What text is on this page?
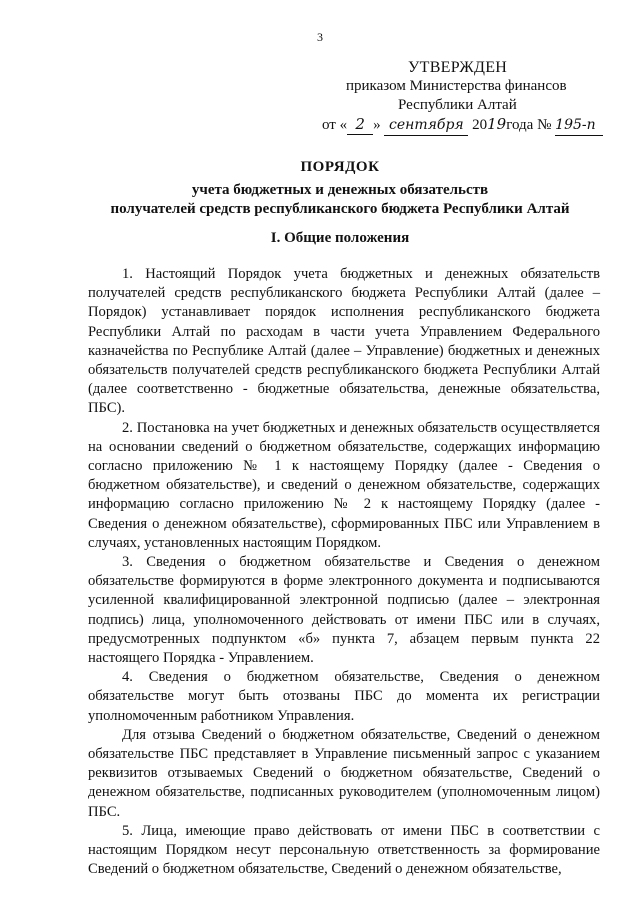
3
УТВЕРЖДЕН
приказом Министерства финансов
Республики Алтай
от « 2 » сентября 2019года № 195-п
ПОРЯДОК
учета бюджетных и денежных обязательств
получателей средств республиканского бюджета Республики Алтай
I. Общие положения

1. Настоящий Порядок учета бюджетных и денежных обязательств получателей средств республиканского бюджета Республики Алтай (далее – Порядок) устанавливает порядок исполнения республиканского бюджета Республики Алтай по расходам в части учета Управлением Федерального казначейства по Республике Алтай (далее – Управление) бюджетных и денежных обязательств получателей средств республиканского бюджета Республики Алтай (далее соответственно - бюджетные обязательства, денежные обязательства, ПБС).

2. Постановка на учет бюджетных и денежных обязательств осуществляется на основании сведений о бюджетном обязательстве, содержащих информацию согласно приложению № 1 к настоящему Порядку (далее - Сведения о бюджетном обязательстве), и сведений о денежном обязательстве, содержащих информацию согласно приложению № 2 к настоящему Порядку (далее - Сведения о денежном обязательстве), сформированных ПБС или Управлением в случаях, установленных настоящим Порядком.

3. Сведения о бюджетном обязательстве и Сведения о денежном обязательстве формируются в форме электронного документа и подписываются усиленной квалифицированной электронной подписью (далее – электронная подпись) лица, уполномоченного действовать от имени ПБС или в случаях, предусмотренных подпунктом «б» пункта 7, абзацем первым пункта 22 настоящего Порядка - Управлением.

4. Сведения о бюджетном обязательстве, Сведения о денежном обязательстве могут быть отозваны ПБС до момента их регистрации уполномоченным работником Управления.

Для отзыва Сведений о бюджетном обязательстве, Сведений о денежном обязательстве ПБС представляет в Управление письменный запрос с указанием реквизитов отзываемых Сведений о бюджетном обязательстве, Сведений о денежном обязательстве, подписанных руководителем (уполномоченным лицом) ПБС.

5. Лица, имеющие право действовать от имени ПБС в соответствии с настоящим Порядком несут персональную ответственность за формирование Сведений о бюджетном обязательстве, Сведений о денежном обязательстве,
